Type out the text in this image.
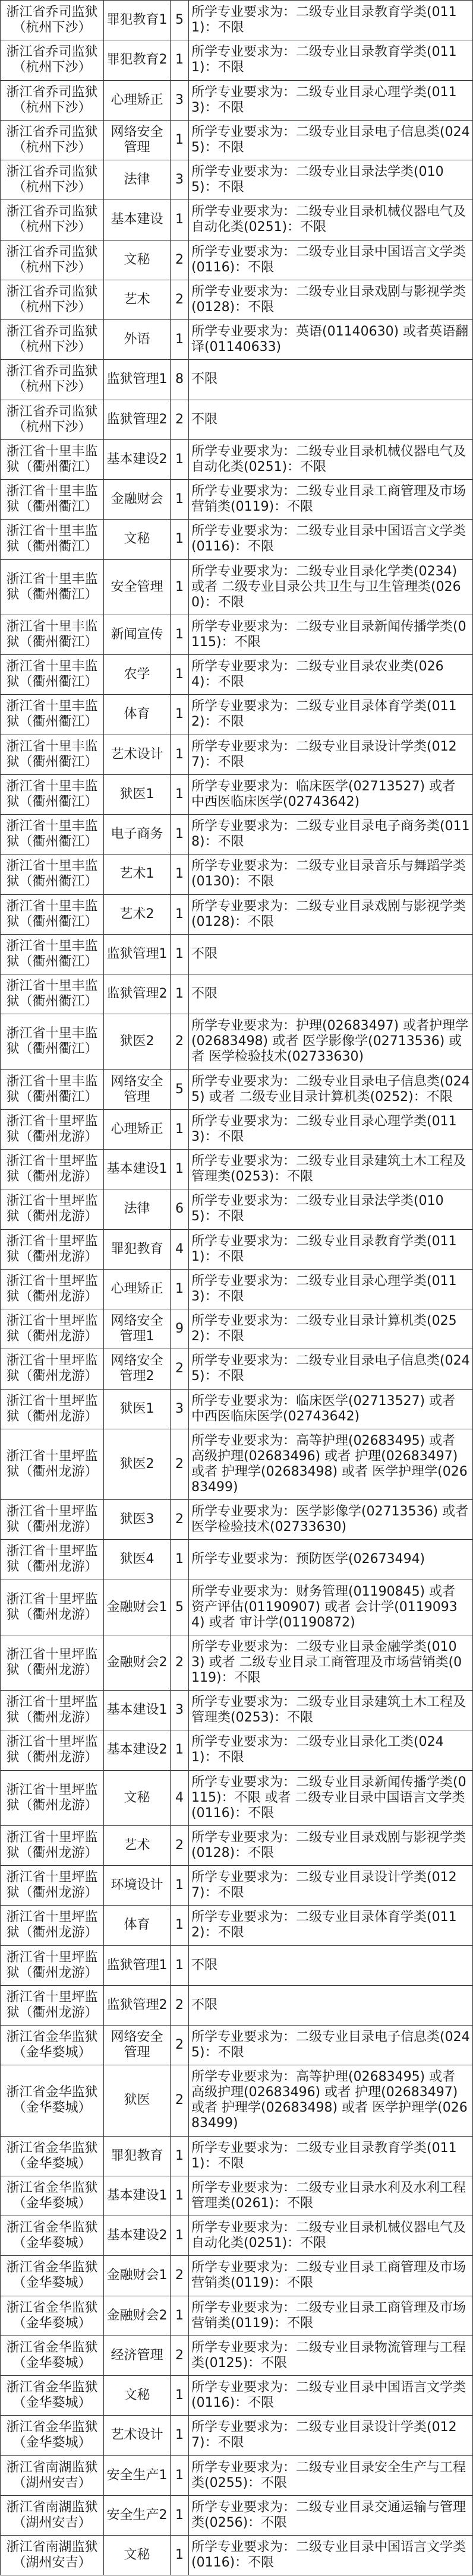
浙江省乔司监狱（杭州下沙）	罪犯教育1	5	所学专业要求为：二级专业目录教育学类(0111)：不限
浙江省乔司监狱（杭州下沙）	罪犯教育2	1	所学专业要求为：二级专业目录教育学类(0111)：不限
浙江省乔司监狱（杭州下沙）	心理矫正	3	所学专业要求为：二级专业目录心理学类(0113)：不限
浙江省乔司监狱（杭州下沙）	网络安全管理	1	所学专业要求为：二级专业目录电子信息类(0245)：不限
浙江省乔司监狱（杭州下沙）	法律	3	所学专业要求为：二级专业目录法学类(0105)：不限
浙江省乔司监狱（杭州下沙）	基本建设	1	所学专业要求为：二级专业目录机械仪器电气及自动化类(0251)：不限
浙江省乔司监狱（杭州下沙）	文秘	2	所学专业要求为：二级专业目录中国语言文学类(0116)：不限
浙江省乔司监狱（杭州下沙）	艺术	2	所学专业要求为：二级专业目录戏剧与影视学类(0128)：不限
浙江省乔司监狱（杭州下沙）	外语	1	所学专业要求为：英语(01140630) 或者英语翻译(01140633)
浙江省乔司监狱（杭州下沙）	监狱管理1	8	不限
浙江省乔司监狱（杭州下沙）	监狱管理2	2	不限
浙江省十里丰监狱（衢州衢江）	基本建设2	1	所学专业要求为：二级专业目录机械仪器电气及自动化类(0251)：不限
浙江省十里丰监狱（衢州衢江）	金融财会	1	所学专业要求为：二级专业目录工商管理及市场营销类(0119)：不限
浙江省十里丰监狱（衢州衢江）	文秘	1	所学专业要求为：二级专业目录中国语言文学类(0116)：不限
浙江省十里丰监狱（衢州衢江）	安全管理	1	所学专业要求为：二级专业目录化学类(0234) 或者 二级专业目录公共卫生与卫生管理类(0260)：不限
浙江省十里丰监狱（衢州衢江）	新闻宣传	1	所学专业要求为：二级专业目录新闻传播学类(0115)：不限
浙江省十里丰监狱（衢州衢江）	农学	1	所学专业要求为：二级专业目录农业类(0264)：不限
浙江省十里丰监狱（衢州衢江）	体育	1	所学专业要求为：二级专业目录体育学类(0112)：不限
浙江省十里丰监狱（衢州衢江）	艺术设计	1	所学专业要求为：二级专业目录设计学类(0127)：不限
浙江省十里丰监狱（衢州衢江）	狱医1	1	所学专业要求为：临床医学(02713527) 或者 中西医临床医学(02743642)
浙江省十里丰监狱（衢州衢江）	电子商务	1	所学专业要求为：二级专业目录电子商务类(0118)：不限
浙江省十里丰监狱（衢州衢江）	艺术1	1	所学专业要求为：二级专业目录音乐与舞蹈学类(0130)：不限
浙江省十里丰监狱（衢州衢江）	艺术2	1	所学专业要求为：二级专业目录戏剧与影视学类(0128)：不限
浙江省十里丰监狱（衢州衢江）	监狱管理1	1	不限
浙江省十里丰监狱（衢州衢江）	监狱管理2	1	不限
浙江省十里丰监狱（衢州衢江）	狱医2	2	所学专业要求为：护理(02683497) 或者护理学(02683498) 或者 医学影像学(02713536) 或者 医学检验技术(02733630)
浙江省十里丰监狱（衢州衢江）	网络安全管理	5	所学专业要求为：二级专业目录电子信息类(0245) 或者 二级专业目录计算机类(0252)：不限
浙江省十里坪监狱（衢州龙游）	心理矫正	1	所学专业要求为：二级专业目录心理学类(0113)：不限
浙江省十里坪监狱（衢州龙游）	基本建设1	1	所学专业要求为：二级专业目录建筑土木工程及管理类(0253)：不限
浙江省十里坪监狱（衢州龙游）	法律	6	所学专业要求为：二级专业目录法学类(0105)：不限
浙江省十里坪监狱（衢州龙游）	罪犯教育	4	所学专业要求为：二级专业目录教育学类(0111)：不限
浙江省十里坪监狱（衢州龙游）	心理矫正	1	所学专业要求为：二级专业目录心理学类(0113)：不限
浙江省十里坪监狱（衢州龙游）	网络安全管理1	9	所学专业要求为：二级专业目录计算机类(0252)：不限
浙江省十里坪监狱（衢州龙游）	网络安全管理2	2	所学专业要求为：二级专业目录电子信息类(0245)：不限
浙江省十里坪监狱（衢州龙游）	狱医1	3	所学专业要求为：临床医学(02713527) 或者 中西医临床医学(02743642)
浙江省十里坪监狱（衢州龙游）	狱医2	2	所学专业要求为：高等护理(02683495) 或者 高级护理(02683496) 或者 护理(02683497) 或者 护理学(02683498) 或者 医学护理学(02683499)
浙江省十里坪监狱（衢州龙游）	狱医3	2	所学专业要求为：医学影像学(02713536) 或者 医学检验技术(02733630)
浙江省十里坪监狱（衢州龙游）	狱医4	1	所学专业要求为：预防医学(02673494)
浙江省十里坪监狱（衢州龙游）	金融财会1	5	所学专业要求为：财务管理(01190845) 或者 资产评估(01190907) 或者 会计学(01190934) 或者 审计学(01190872)
浙江省十里坪监狱（衢州龙游）	金融财会2	2	所学专业要求为：二级专业目录金融学类(0103) 或者 二级专业目录工商管理及市场营销类(0119)：不限
浙江省十里坪监狱（衢州龙游）	基本建设1	3	所学专业要求为：二级专业目录建筑土木工程及管理类(0253)：不限
浙江省十里坪监狱（衢州龙游）	基本建设2	1	所学专业要求为：二级专业目录化工类(0241)：不限
浙江省十里坪监狱（衢州龙游）	文秘	4	所学专业要求为：二级专业目录新闻传播学类(0115)：不限 或者 二级专业目录中国语言文学类(0116)：不限
浙江省十里坪监狱（衢州龙游）	艺术	2	所学专业要求为：二级专业目录戏剧与影视学类(0128)：不限
浙江省十里坪监狱（衢州龙游）	环境设计	1	所学专业要求为：二级专业目录设计学类(0127)：不限
浙江省十里坪监狱（衢州龙游）	体育	1	所学专业要求为：二级专业目录体育学类(0112)：不限
浙江省十里坪监狱（衢州龙游）	监狱管理1	1	不限
浙江省十里坪监狱（衢州龙游）	监狱管理2	2	不限
浙江省金华监狱（金华婺城）	网络安全管理	2	所学专业要求为：二级专业目录电子信息类(0245)：不限
浙江省金华监狱（金华婺城）	狱医	2	所学专业要求为：高等护理(02683495) 或者 高级护理(02683496) 或者 护理(02683497) 或者 护理学(02683498) 或者 医学护理学(02683499)
浙江省金华监狱（金华婺城）	罪犯教育	1	所学专业要求为：二级专业目录教育学类(0111)：不限
浙江省金华监狱（金华婺城）	基本建设1	1	所学专业要求为：二级专业目录水利及水利工程管理类(0261)：不限
浙江省金华监狱（金华婺城）	基本建设2	1	所学专业要求为：二级专业目录机械仪器电气及自动化类(0251)：不限
浙江省金华监狱（金华婺城）	金融财会1	2	所学专业要求为：二级专业目录工商管理及市场营销类(0119)：不限
浙江省金华监狱（金华婺城）	金融财会2	1	所学专业要求为：二级专业目录工商管理及市场营销类(0119)：不限
浙江省金华监狱（金华婺城）	经济管理	2	所学专业要求为：二级专业目录物流管理与工程类(0125)：不限
浙江省金华监狱（金华婺城）	文秘	1	所学专业要求为：二级专业目录中国语言文学类(0116)：不限
浙江省金华监狱（金华婺城）	艺术设计	1	所学专业要求为：二级专业目录设计学类(0127)：不限
浙江省南湖监狱（湖州安吉）	安全生产1	1	所学专业要求为：二级专业目录安全生产与工程类(0255)：不限
浙江省南湖监狱（湖州安吉）	安全生产2	1	所学专业要求为：二级专业目录交通运输与管理类(0256)：不限
浙江省南湖监狱（湖州安吉）	文秘	1	所学专业要求为：二级专业目录中国语言文学类(0116)：不限
